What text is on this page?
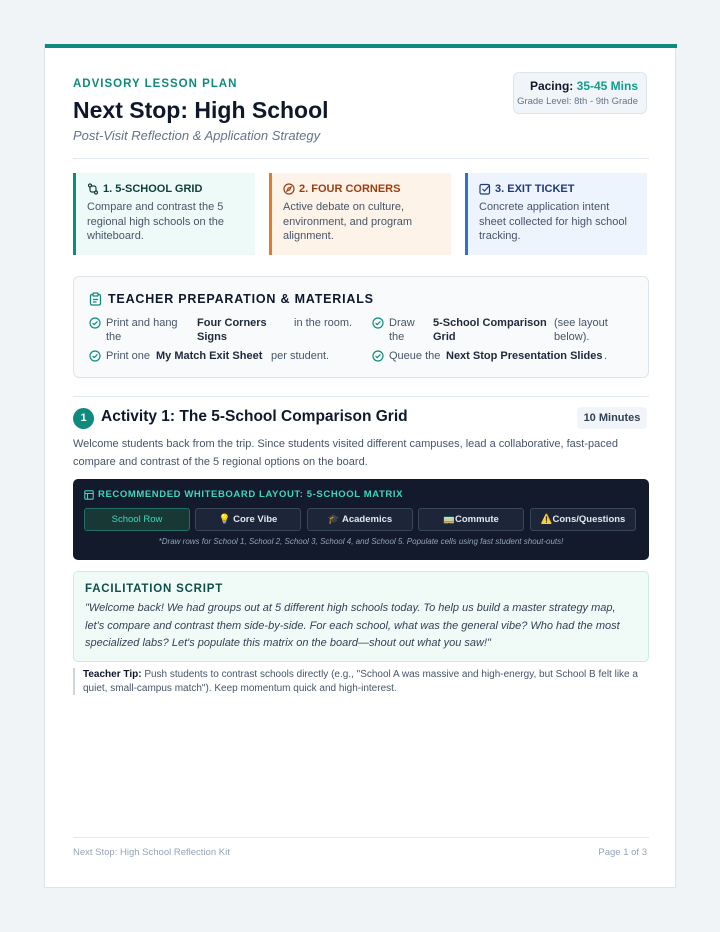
ADVISORY LESSON PLAN
Next Stop: High School
Post-Visit Reflection & Application Strategy
Pacing: 35-45 Mins
Grade Level: 8th - 9th Grade
1. 5-SCHOOL GRID
Compare and contrast the 5 regional high schools on the whiteboard.
2. FOUR CORNERS
Active debate on culture, environment, and program alignment.
3. EXIT TICKET
Concrete application intent sheet collected for high school tracking.
TEACHER PREPARATION & MATERIALS
Print and hang the
Four Corners Signs
in the room.	Draw the
5-School Comparison Grid
(see layout below).
Print one My Match Exit Sheet per student.	Queue the Next Stop Presentation Slides .
1 Activity 1: The 5-School Comparison Grid	10 Minutes
Welcome students back from the trip. Since students visited different campuses, lead a collaborative, fast-paced compare and contrast of the 5 regional options on the board.
RECOMMENDED WHITEBOARD LAYOUT: 5-SCHOOL MATRIX
School Row	💡 Core Vibe	🎓 Academics	🚃Commute	⚠️Cons/Questions
*Draw rows for School 1, School 2, School 3, School 4, and School 5. Populate cells using fast student shout-outs!
FACILITATION SCRIPT
"Welcome back! We had groups out at 5 different high schools today. To help us build a master strategy map, let's compare and contrast them side-by-side. For each school, what was the general vibe? Who had the most specialized labs? Let's populate this matrix on the board—shout out what you saw!"
Teacher Tip: Push students to contrast schools directly (e.g., "School A was massive and high-energy, but School B felt like a quiet, small-campus match"). Keep momentum quick and high-interest.
Next Stop: High School Reflection Kit	Page 1 of 3
